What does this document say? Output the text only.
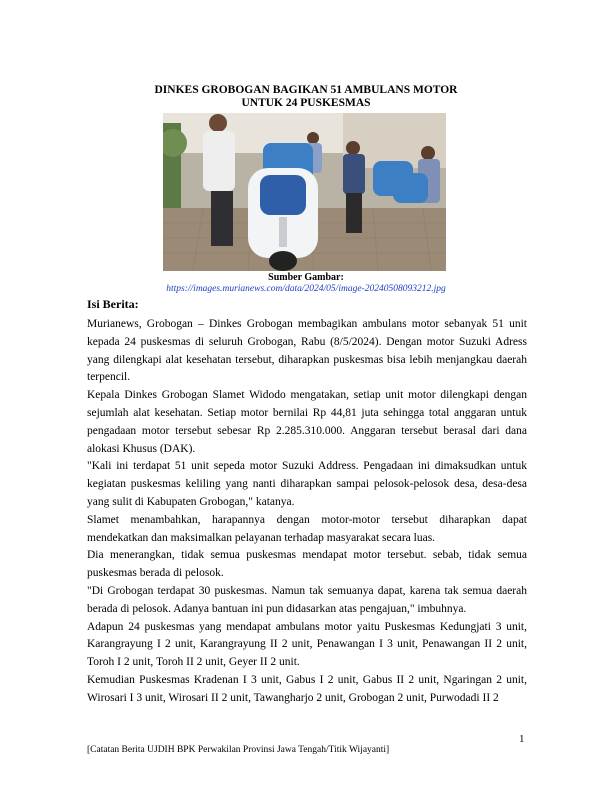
DINKES GROBOGAN BAGIKAN 51 AMBULANS MOTOR
UNTUK 24 PUSKESMAS
Sumber Gambar:
https://images.murianews.com/data/2024/05/image-20240508093212.jpg
Isi Berita:

Murianews, Grobogan – Dinkes Grobogan membagikan ambulans motor sebanyak 51 unit kepada 24 puskesmas di seluruh Grobogan, Rabu (8/5/2024). Dengan motor Suzuki Adress yang dilengkapi alat kesehatan tersebut, diharapkan puskesmas bisa lebih menjangkau daerah terpencil.

Kepala Dinkes Grobogan Slamet Widodo mengatakan, setiap unit motor dilengkapi dengan sejumlah alat kesehatan. Setiap motor bernilai Rp 44,81 juta sehingga total anggaran untuk pengadaan motor tersebut sebesar Rp 2.285.310.000. Anggaran tersebut berasal dari dana alokasi Khusus (DAK).

"Kali ini terdapat 51 unit sepeda motor Suzuki Address. Pengadaan ini dimaksudkan untuk kegiatan puskesmas keliling yang nanti diharapkan sampai pelosok-pelosok desa, desa-desa yang sulit di Kabupaten Grobogan," katanya.

Slamet menambahkan, harapannya dengan motor-motor tersebut diharapkan dapat mendekatkan dan maksimalkan pelayanan terhadap masyarakat secara luas.

Dia menerangkan, tidak semua puskesmas mendapat motor tersebut. sebab, tidak semua puskesmas berada di pelosok.

"Di Grobogan terdapat 30 puskesmas. Namun tak semuanya dapat, karena tak semua daerah berada di pelosok. Adanya bantuan ini pun didasarkan atas pengajuan," imbuhnya.

Adapun 24 puskesmas yang mendapat ambulans motor yaitu Puskesmas Kedungjati 3 unit, Karangrayung I 2 unit, Karangrayung II 2 unit, Penawangan I 3 unit, Penawangan II 2 unit, Toroh I 2 unit, Toroh II 2 unit, Geyer II 2 unit.

Kemudian Puskesmas Kradenan I 3 unit, Gabus I 2 unit, Gabus II 2 unit, Ngaringan 2 unit, Wirosari I 3 unit, Wirosari II 2 unit, Tawangharjo 2 unit, Grobogan 2 unit, Purwodadi II 2

1
[Catatan Berita UJDIH BPK Perwakilan Provinsi Jawa Tengah/Titik Wijayanti]
